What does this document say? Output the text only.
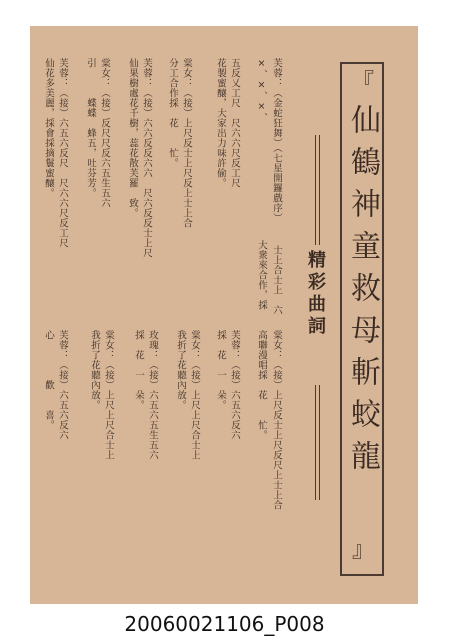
仙鶴神童救母斬蛟龍
『
』
精彩曲詞
芙蓉：（金蛇狂舞）（七星開鑼戲序）
×、×、×、
五反乂工尺　尺六六尺反工尺
花製蜜釀，大家出力味許偷。
棠女：（接）上尺反士上尺反上士上合
分工合作採　花　　忙。
芙蓉：（接）六六反反六六　尺六反反士上尺
仙果樹處花千樹，蕊花散芙羅　致。
棠女：（接）反尺尺反六五生五六
引　　　蝶蝶　蜂五，吐芬芳。
芙蓉：（接）六五六反尺　尺六六尺反工尺
仙花多美麗，採會採摘鬟蜜釀。
士上合士上　六
大衆來合作，採
棠女：（接）上尺反士上尺反尺上士上合
高聯漫唱採　花　　忙。
芙蓉：（接）六五六反六
採　花　一　朵。
棠女：（接）上尺上尺合士上
我折了花聽內放。
玫瑰：（接）六五六五生五六
採　花　一　朵。
棠女：（接）上尺上尺合士上
我折了花聽內放。
芙蓉：（接）六五六反六
心　　　　歡　　喜。
20060021106_P008
